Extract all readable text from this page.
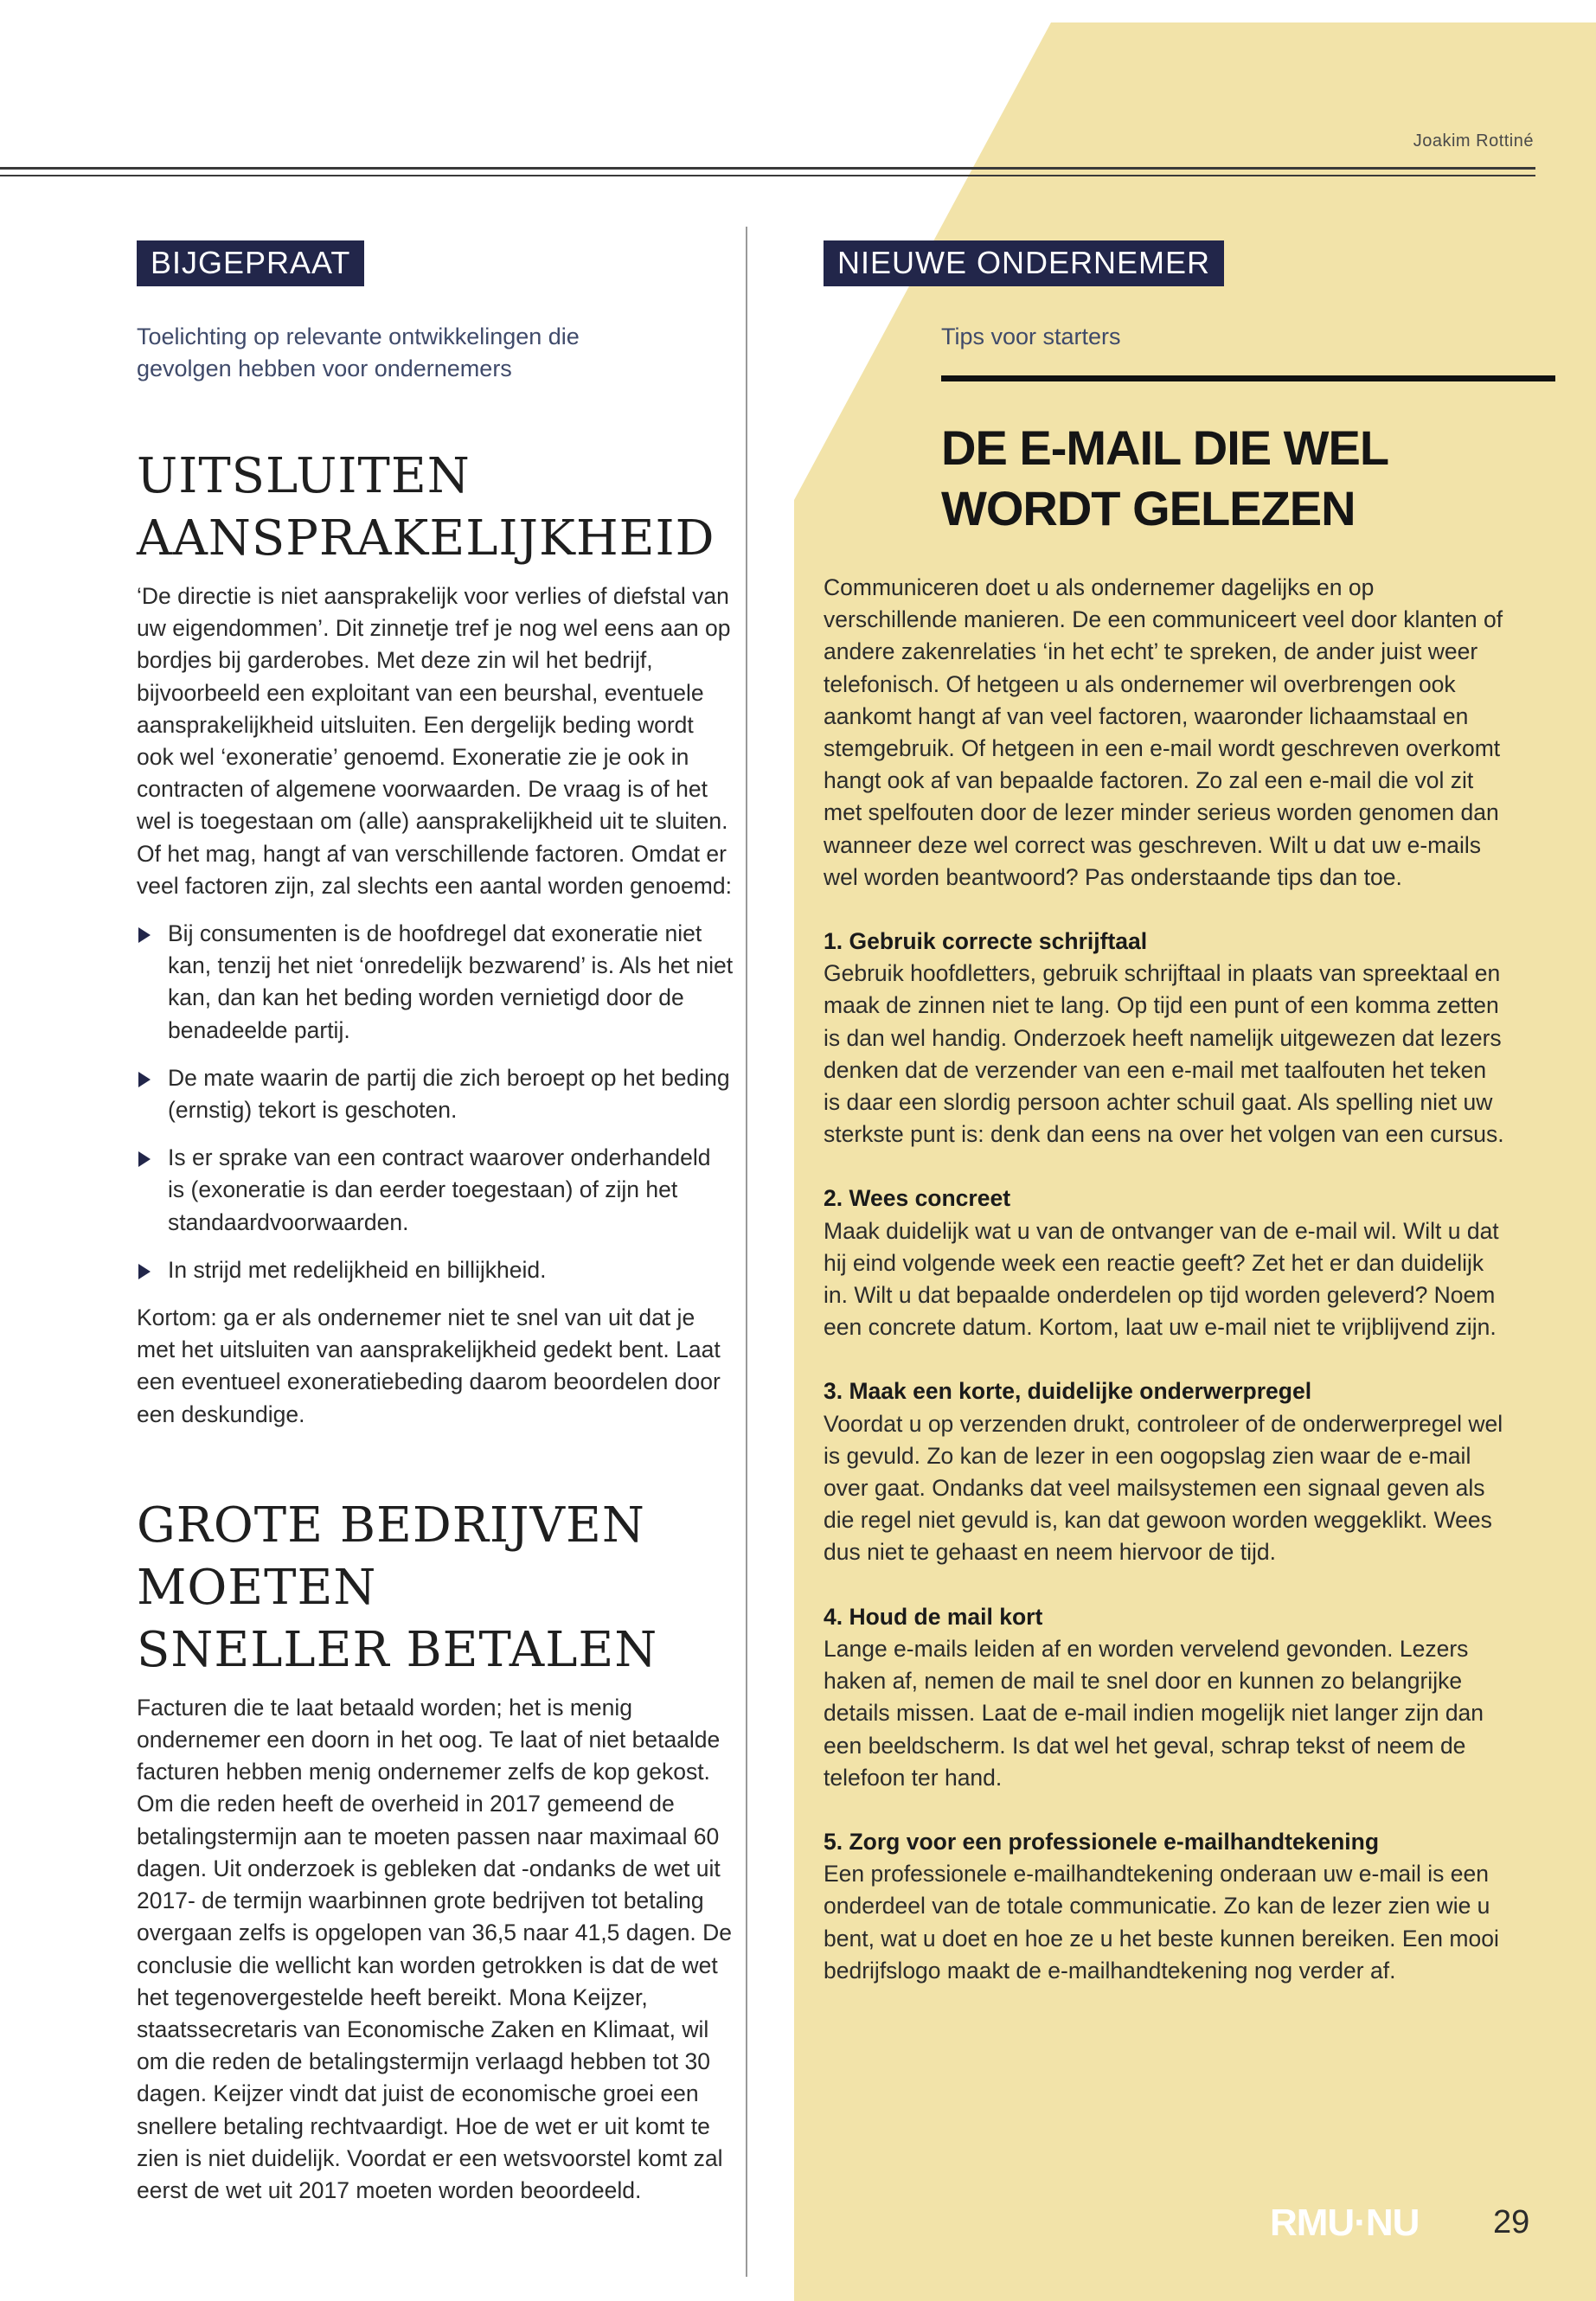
Joakim Rottiné
BIJGEPRAAT
Toelichting op relevante ontwikkelingen die
gevolgen hebben voor ondernemers
UITSLUITEN
AANSPRAKELIJKHEID

‘De directie is niet aansprakelijk voor verlies of diefstal van uw eigendommen’. Dit zinnetje tref je nog wel eens aan op bordjes bij garderobes. Met deze zin wil het bedrijf, bijvoorbeeld een exploitant van een beurshal, eventuele aansprakelijkheid uitsluiten. Een dergelijk beding wordt ook wel ‘exoneratie’ genoemd. Exoneratie zie je ook in contracten of algemene voorwaarden. De vraag is of het wel is toegestaan om (alle) aansprakelijkheid uit te sluiten. Of het mag, hangt af van verschillende factoren. Omdat er veel factoren zijn, zal slechts een aantal worden genoemd:

Bij consumenten is de hoofdregel dat exoneratie niet kan, tenzij het niet ‘onredelijk bezwarend’ is. Als het niet kan, dan kan het beding worden vernietigd door de benadeelde partij.
De mate waarin de partij die zich beroept op het beding (ernstig) tekort is geschoten.
Is er sprake van een contract waarover onderhandeld is (exoneratie is dan eerder toegestaan) of zijn het standaardvoorwaarden.
In strijd met redelijkheid en billijkheid.

Kortom: ga er als ondernemer niet te snel van uit dat je met het uitsluiten van aansprakelijkheid gedekt bent. Laat een eventueel exoneratiebeding daarom beoordelen door een deskundige.

GROTE BEDRIJVEN MOETEN
SNELLER BETALEN

Facturen die te laat betaald worden; het is menig ondernemer een doorn in het oog. Te laat of niet betaalde facturen hebben menig ondernemer zelfs de kop gekost. Om die reden heeft de overheid in 2017 gemeend de betalingstermijn aan te moeten passen naar maximaal 60 dagen. Uit onderzoek is gebleken dat -ondanks de wet uit 2017- de termijn waarbinnen grote bedrijven tot betaling overgaan zelfs is opgelopen van 36,5 naar 41,5 dagen. De conclusie die wellicht kan worden getrokken is dat de wet het tegenovergestelde heeft bereikt. Mona Keijzer, staatssecretaris van Economische Zaken en Klimaat, wil om die reden de betalingstermijn verlaagd hebben tot 30 dagen. Keijzer vindt dat juist de economische groei een snellere betaling rechtvaardigt. Hoe de wet er uit komt te zien is niet duidelijk. Voordat er een wetsvoorstel komt zal eerst de wet uit 2017 moeten worden beoordeeld.

NIEUWE ONDERNEMER
Tips voor starters
DE E-MAIL DIE WEL
WORDT GELEZEN

Communiceren doet u als ondernemer dagelijks en op verschillende manieren. De een communiceert veel door klanten of andere zakenrelaties ‘in het echt’ te spreken, de ander juist weer telefonisch. Of hetgeen u als ondernemer wil overbrengen ook aankomt hangt af van veel factoren, waaronder lichaamstaal en stemgebruik. Of hetgeen in een e-mail wordt geschreven overkomt hangt ook af van bepaalde factoren. Zo zal een e-mail die vol zit met spelfouten door de lezer minder serieus worden genomen dan wanneer deze wel correct was geschreven. Wilt u dat uw e-mails wel worden beantwoord? Pas onderstaande tips dan toe.

1. Gebruik correcte schrijftaal
Gebruik hoofdletters, gebruik schrijftaal in plaats van spreektaal en maak de zinnen niet te lang. Op tijd een punt of een komma zetten is dan wel handig. Onderzoek heeft namelijk uitgewezen dat lezers denken dat de verzender van een e-mail met taalfouten het teken is daar een slordig persoon achter schuil gaat. Als spelling niet uw sterkste punt is: denk dan eens na over het volgen van een cursus.
2. Wees concreet
Maak duidelijk wat u van de ontvanger van de e-mail wil. Wilt u dat hij eind volgende week een reactie geeft? Zet het er dan duidelijk in. Wilt u dat bepaalde onderdelen op tijd worden geleverd? Noem een concrete datum. Kortom, laat uw e-mail niet te vrijblijvend zijn.
3. Maak een korte, duidelijke onderwerpregel
Voordat u op verzenden drukt, controleer of de onderwerpregel wel is gevuld. Zo kan de lezer in een oogopslag zien waar de e-mail over gaat. Ondanks dat veel mailsystemen een signaal geven als die regel niet gevuld is, kan dat gewoon worden weggeklikt. Wees dus niet te gehaast en neem hiervoor de tijd.
4. Houd de mail kort
Lange e-mails leiden af en worden vervelend gevonden. Lezers haken af, nemen de mail te snel door en kunnen zo belangrijke details missen. Laat de e-mail indien mogelijk niet langer zijn dan een beeldscherm. Is dat wel het geval, schrap tekst of neem de telefoon ter hand.
5. Zorg voor een professionele e-mailhandtekening
Een professionele e-mailhandtekening onderaan uw e-mail is een onderdeel van de totale communicatie. Zo kan de lezer zien wie u bent, wat u doet en hoe ze u het beste kunnen bereiken. Een mooi bedrijfslogo maakt de e-mailhandtekening nog verder af.
RMU·NU 29
